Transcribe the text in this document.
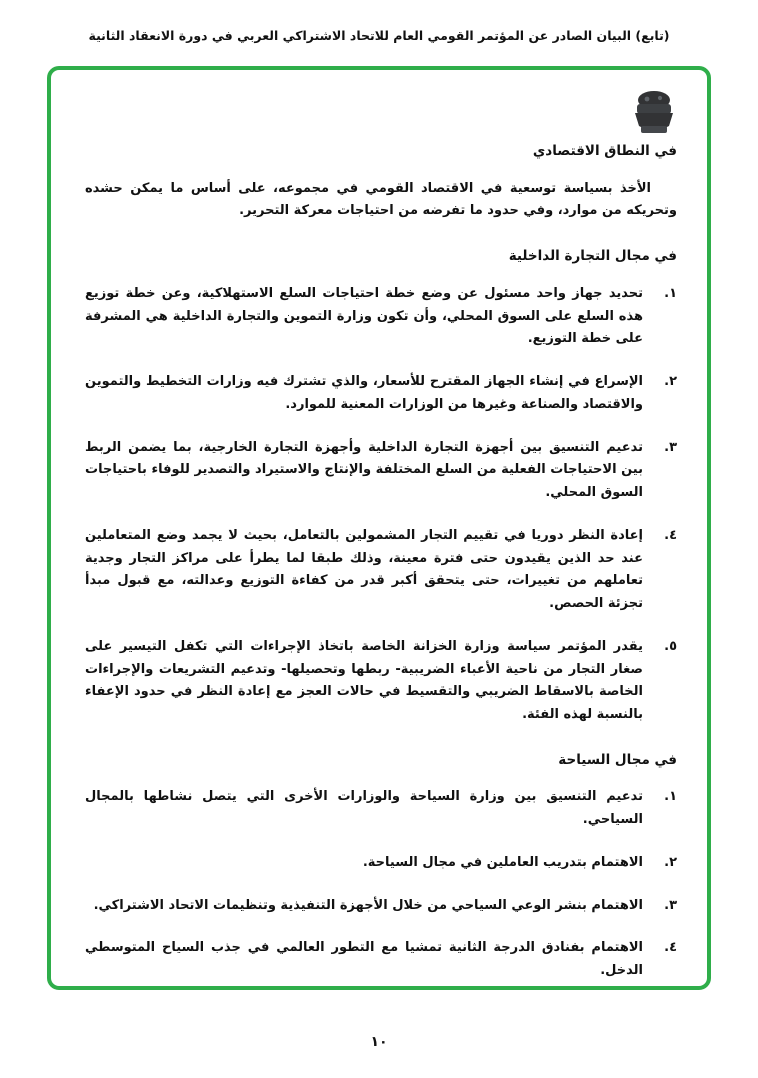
(تابع) البيان الصادر عن المؤتمر القومي العام للاتحاد الاشتراكي العربي في دورة الانعقاد الثانية
في النطاق الاقتصادي

الأخذ بسياسة توسعية في الاقتصاد القومي في مجموعه، على أساس ما يمكن حشده وتحريكه من موارد، وفي حدود ما تفرضه من احتياجات معركة التحرير.

في مجال التجارة الداخلية
١.
تحديد جهاز واحد مسئول عن وضع خطة احتياجات السلع الاستهلاكية، وعن خطة توزيع هذه السلع على السوق المحلي، وأن تكون وزارة التموين والتجارة الداخلية هي المشرفة على خطة التوزيع.
٢.
الإسراع في إنشاء الجهاز المقترح للأسعار، والذي تشترك فيه وزارات التخطيط والتموين والاقتصاد والصناعة وغيرها من الوزارات المعنية للموارد.
٣.
تدعيم التنسيق بين أجهزة التجارة الداخلية وأجهزة التجارة الخارجية، بما يضمن الربط بين الاحتياجات الفعلية من السلع المختلفة والإنتاج والاستيراد والتصدير للوفاء باحتياجات السوق المحلي.
٤.
إعادة النظر دوريا في تقييم التجار المشمولين بالتعامل، بحيث لا يجمد وضع المتعاملين عند حد الذين يقيدون حتى فترة معينة، وذلك طبقا لما يطرأ على مراكز التجار وجدية تعاملهم من تغييرات، حتى يتحقق أكبر قدر من كفاءة التوزيع وعدالته، مع قبول مبدأ تجزئة الحصص.
٥.
يقدر المؤتمر سياسة وزارة الخزانة الخاصة باتخاذ الإجراءات التي تكفل التيسير على صغار التجار من ناحية الأعباء الضريبية- ربطها وتحصيلها- وتدعيم التشريعات والإجراءات الخاصة بالاسقاط الضريبي والتقسيط في حالات العجز مع إعادة النظر في حدود الإعفاء بالنسبة لهذه الفئة.
في مجال السياحة
١.
تدعيم التنسيق بين وزارة السياحة والوزارات الأخرى التي يتصل نشاطها بالمجال السياحي.
٢.
الاهتمام بتدريب العاملين في مجال السياحة.
٣.
الاهتمام بنشر الوعي السياحي من خلال الأجهزة التنفيذية وتنظيمات الاتحاد الاشتراكي.
٤.
الاهتمام بفنادق الدرجة الثانية تمشيا مع التطور العالمي في جذب السياح المتوسطي الدخل.
١٠
